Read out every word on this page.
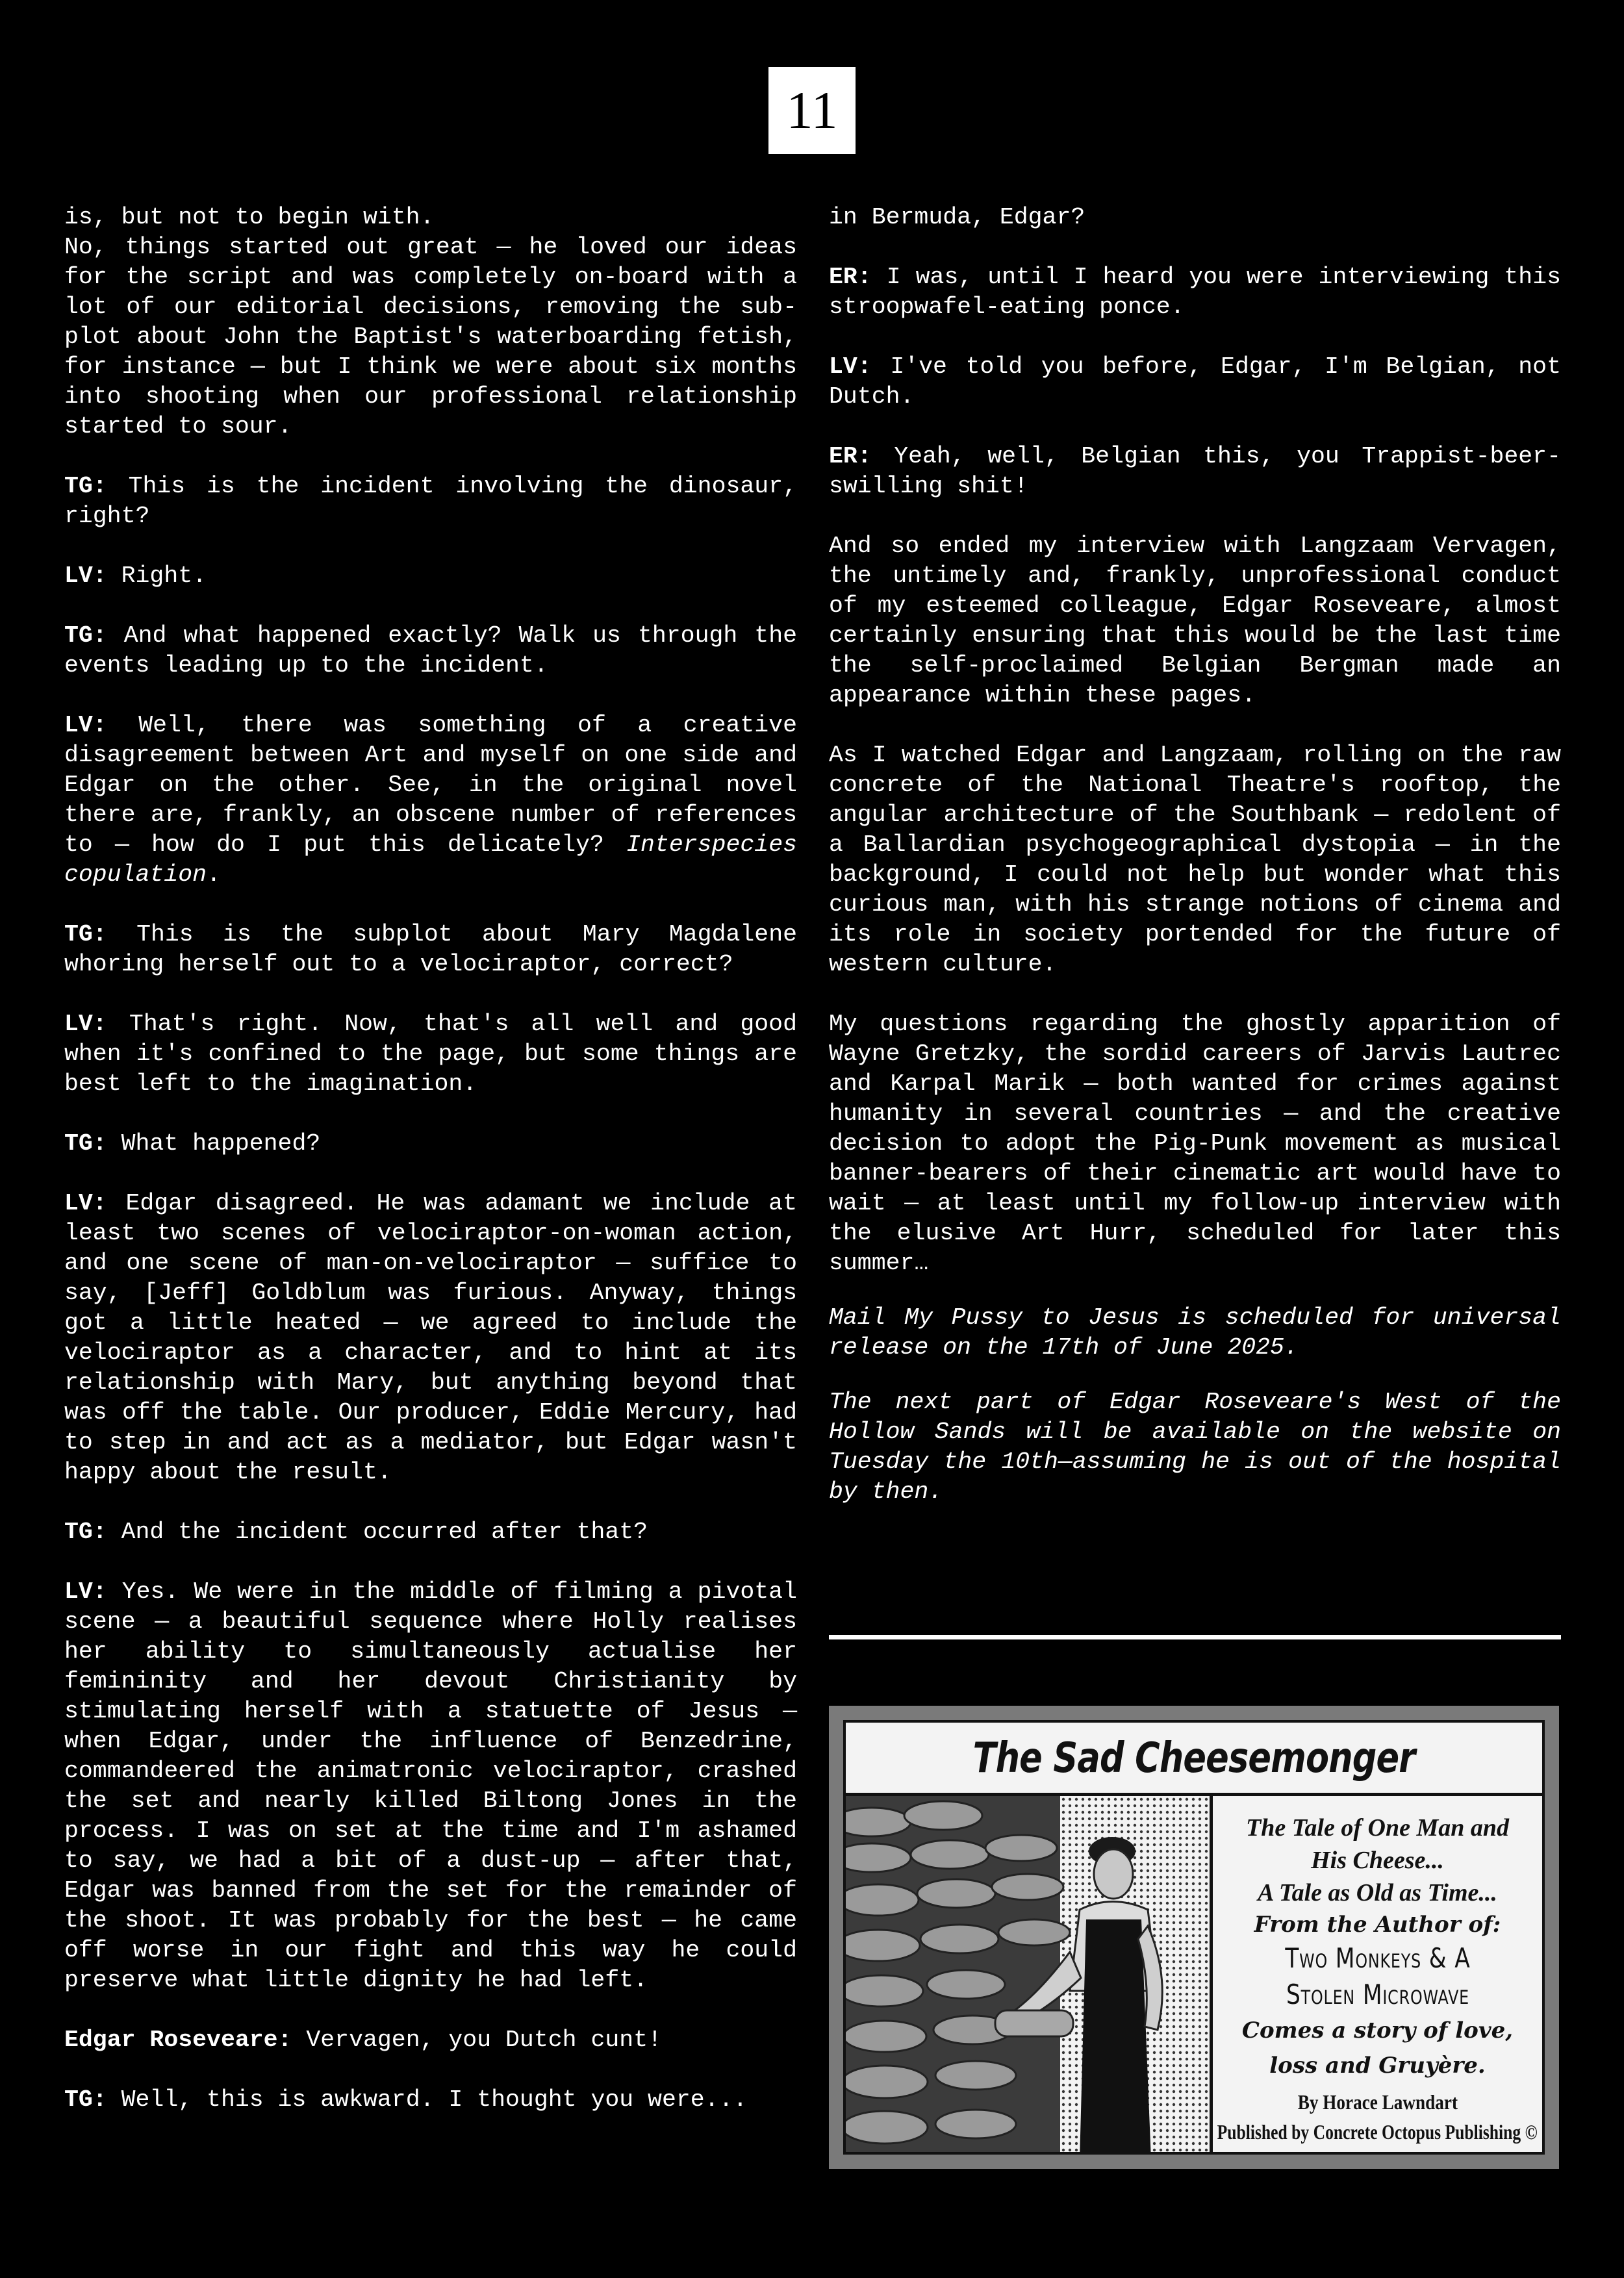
11

is, but not to begin with.

No, things started out great — he loved our ideas for the script and was completely on-board with a lot of our editorial decisions, removing the sub-plot about John the Baptist's waterboarding fetish, for instance — but I think we were about six months into shooting when our professional relationship started to sour.

TG: This is the incident involving the dinosaur, right?

LV: Right.

TG: And what happened exactly? Walk us through the events leading up to the incident.

LV: Well, there was something of a creative disagreement between Art and myself on one side and Edgar on the other. See, in the original novel there are, frankly, an obscene number of references to — how do I put this delicately? Interspecies copulation.

TG: This is the subplot about Mary Magdalene whoring herself out to a velociraptor, correct?

LV: That's right. Now, that's all well and good when it's confined to the page, but some things are best left to the imagination.

TG: What happened?

LV: Edgar disagreed. He was adamant we include at least two scenes of velociraptor-on-woman action, and one scene of man-on-velociraptor — suffice to say, [Jeff] Goldblum was furious. Anyway, things got a little heated — we agreed to include the velociraptor as a character, and to hint at its relationship with Mary, but anything beyond that was off the table. Our producer, Eddie Mercury, had to step in and act as a mediator, but Edgar wasn't happy about the result.

TG: And the incident occurred after that?

LV: Yes. We were in the middle of filming a pivotal scene — a beautiful sequence where Holly realises her ability to simultaneously actualise her femininity and her devout Christianity by stimulating herself with a statuette of Jesus — when Edgar, under the influence of Benzedrine, commandeered the animatronic velociraptor, crashed the set and nearly killed Biltong Jones in the process. I was on set at the time and I'm ashamed to say, we had a bit of a dust-up — after that, Edgar was banned from the set for the remainder of the shoot. It was probably for the best — he came off worse in our fight and this way he could preserve what little dignity he had left.

Edgar Roseveare: Vervagen, you Dutch cunt!

TG: Well, this is awkward. I thought you were...

in Bermuda, Edgar?

ER: I was, until I heard you were interviewing this stroopwafel-eating ponce.

LV: I've told you before, Edgar, I'm Belgian, not Dutch.

ER: Yeah, well, Belgian this, you Trappist-beer-swilling shit!

And so ended my interview with Langzaam Vervagen, the untimely and, frankly, unprofessional conduct of my esteemed colleague, Edgar Roseveare, almost certainly ensuring that this would be the last time the self-proclaimed Belgian Bergman made an appearance within these pages.

As I watched Edgar and Langzaam, rolling on the raw concrete of the National Theatre's rooftop, the angular architecture of the Southbank — redolent of a Ballardian psychogeographical dystopia — in the background, I could not help but wonder what this curious man, with his strange notions of cinema and its role in society portended for the future of western culture.

My questions regarding the ghostly apparition of Wayne Gretzky, the sordid careers of Jarvis Lautrec and Karpal Marik — both wanted for crimes against humanity in several countries — and the creative decision to adopt the Pig-Punk movement as musical banner-bearers of their cinematic art would have to wait — at least until my follow-up interview with the elusive Art Hurr, scheduled for later this summer…

Mail My Pussy to Jesus is scheduled for universal release on the 17th of June 2025.

The next part of Edgar Roseveare's West of the Hollow Sands will be available on the website on Tuesday the 10th—assuming he is out of the hospital by then.

The Sad Cheesemonger
The Tale of One Man and
His Cheese...
A Tale as Old as Time...
From the Author of:
Two Monkeys & A
Stolen Microwave
Comes a story of love,
loss and Gruyère.
By Horace Lawndart
Published by Concrete Octopus Publishing ©
